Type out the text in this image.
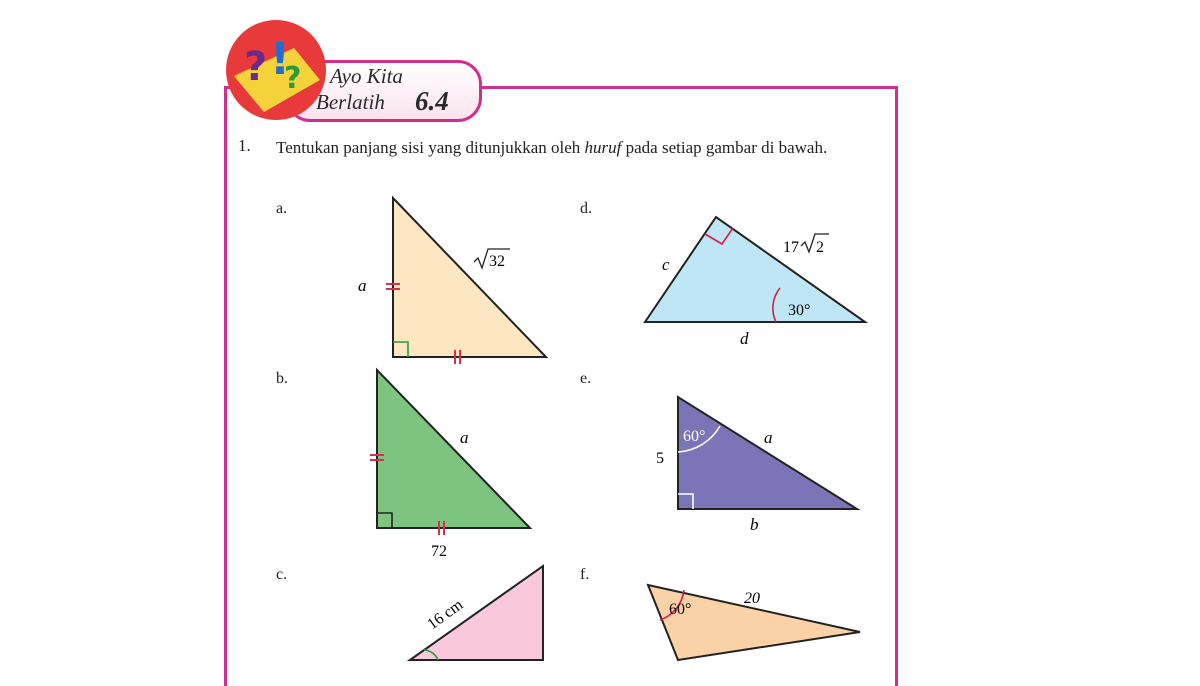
Ayo Kita
Berlatih 6.4
? !
?
1. Tentukan panjang sisi yang ditunjukkan oleh huruf pada setiap gambar di bawah.
a.	d.
b.	e.
c.	f.
a
32
a
72
16 cm
c
17 2
30°
d
60°
5
a
b
60°
20
